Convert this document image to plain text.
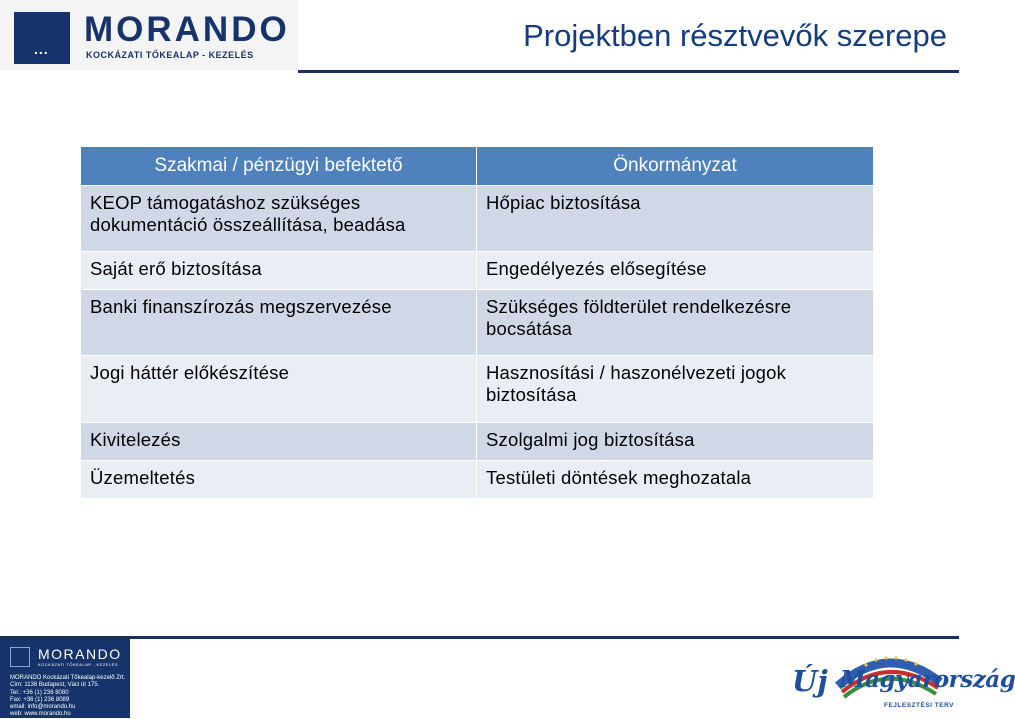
... MORANDO
KOCKÁZATI TŐKEALAP - KEZELÉS
Projektben résztvevők szerepe
Szakmai / pénzügyi befektető	Önkormányzat
KEOP támogatáshoz szükséges dokumentáció összeállítása, beadása	Hőpiac biztosítása
Saját erő biztosítása	Engedélyezés elősegítése
Banki finanszírozás megszervezése	Szükséges földterület rendelkezésre bocsátása
Jogi háttér előkészítése	Hasznosítási / haszonélvezeti jogok biztosítása
Kivitelezés	Szolgalmi jog biztosítása
Üzemeltetés	Testületi döntések meghozatala
MORANDO
KOCKÁZATI TŐKEALAP - KEZELÉS
MORANDO Kockázati Tőkealap-kezelő Zrt.
Cím: 1136 Budapest, Váci út 175.
Tel.: +36 (1) 236 8080
Fax: +36 (1) 236 8089
email: info@morando.hu
web: www.morando.hu
Új Magyarország
FEJLESZTÉSI TERV
